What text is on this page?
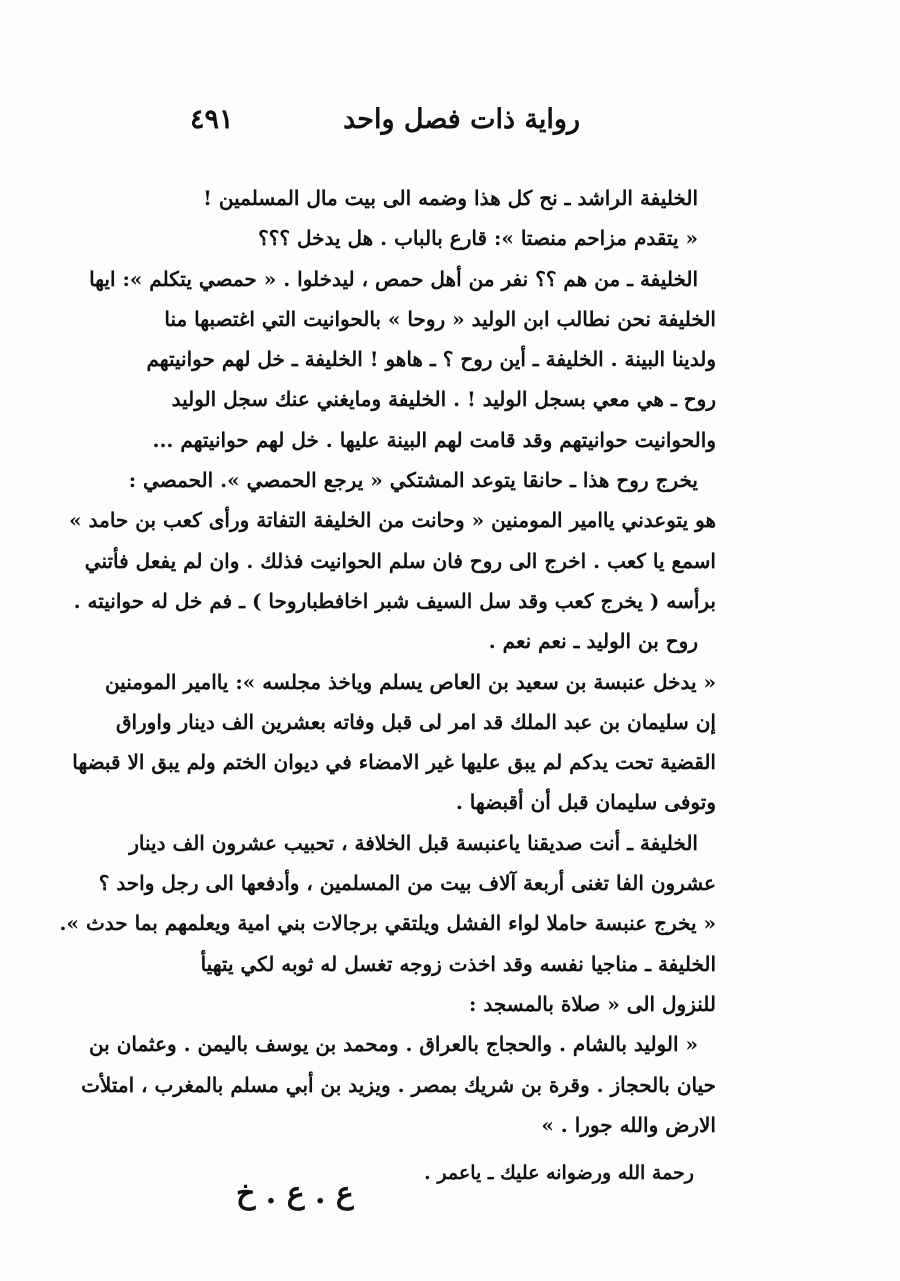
رواية ذات فصل واحد
٤٩١
الخليفة الراشد ـ نح كل هذا وضمه الى بيت مال المسلمين !
« يتقدم مزاحم منصتا »: قارع بالباب . هل يدخل ؟؟؟
الخليفة ـ من هم ؟؟ نفر من أهل حمص ، ليدخلوا . « حمصي يتكلم »: ايها
الخليفة نحن نطالب ابن الوليد « روحا » بالحوانيت التي اغتصبها منا
ولدينا البينة . الخليفة ـ أين روح ؟ ـ هاهو ! الخليفة ـ خل لهم حوانيتهم
روح ـ هي معي بسجل الوليد ! . الخليفة ومايغني عنك سجل الوليد
والحوانيت حوانيتهم وقد قامت لهم البينة عليها . خل لهم حوانيتهم ...
يخرج روح هذا ـ حانقا يتوعد المشتكي « يرجع الحمصي ». الحمصي :
هو يتوعدني ياامير المومنين « وحانت من الخليفة التفاتة ورأى كعب بن حامد »
اسمع يا كعب . اخرج الى روح فان سلم الحوانيت فذلك . وان لم يفعل فأتني
برأسه ( يخرج كعب وقد سل السيف شبر اخافطباروحا ) ـ فم خل له حوانيته .
روح بن الوليد ـ نعم نعم .
« يدخل عنبسة بن سعيد بن العاص يسلم وياخذ مجلسه »: ياامير المومنين
إن سليمان بن عبد الملك قد امر لى قبل وفاته بعشرين الف دينار واوراق
القضية تحت يدكم لم يبق عليها غير الامضاء في ديوان الختم ولم يبق الا قبضها
وتوفى سليمان قبل أن أقبضها .
الخليفة ـ أنت صديقنا ياعنبسة قبل الخلافة ، تحبيب عشرون الف دينار
عشرون الفا تغنى أربعة آلاف بيت من المسلمين ، وأدفعها الى رجل واحد ؟
« يخرج عنبسة حاملا لواء الفشل ويلتقي برجالات بني امية ويعلمهم بما حدث ».
الخليفة ـ مناجيا نفسه وقد اخذت زوجه تغسل له ثوبه لكي يتهيأ
للنزول الى « صلاة بالمسجد :
« الوليد بالشام . والحجاج بالعراق . ومحمد بن يوسف باليمن . وعثمان بن
حيان بالحجاز . وقرة بن شريك بمصر . ويزيد بن أبي مسلم بالمغرب ، امتلأت
الارض والله جورا . »
رحمة الله ورضوانه عليك ـ ياعمر .
ع . ع . خ
